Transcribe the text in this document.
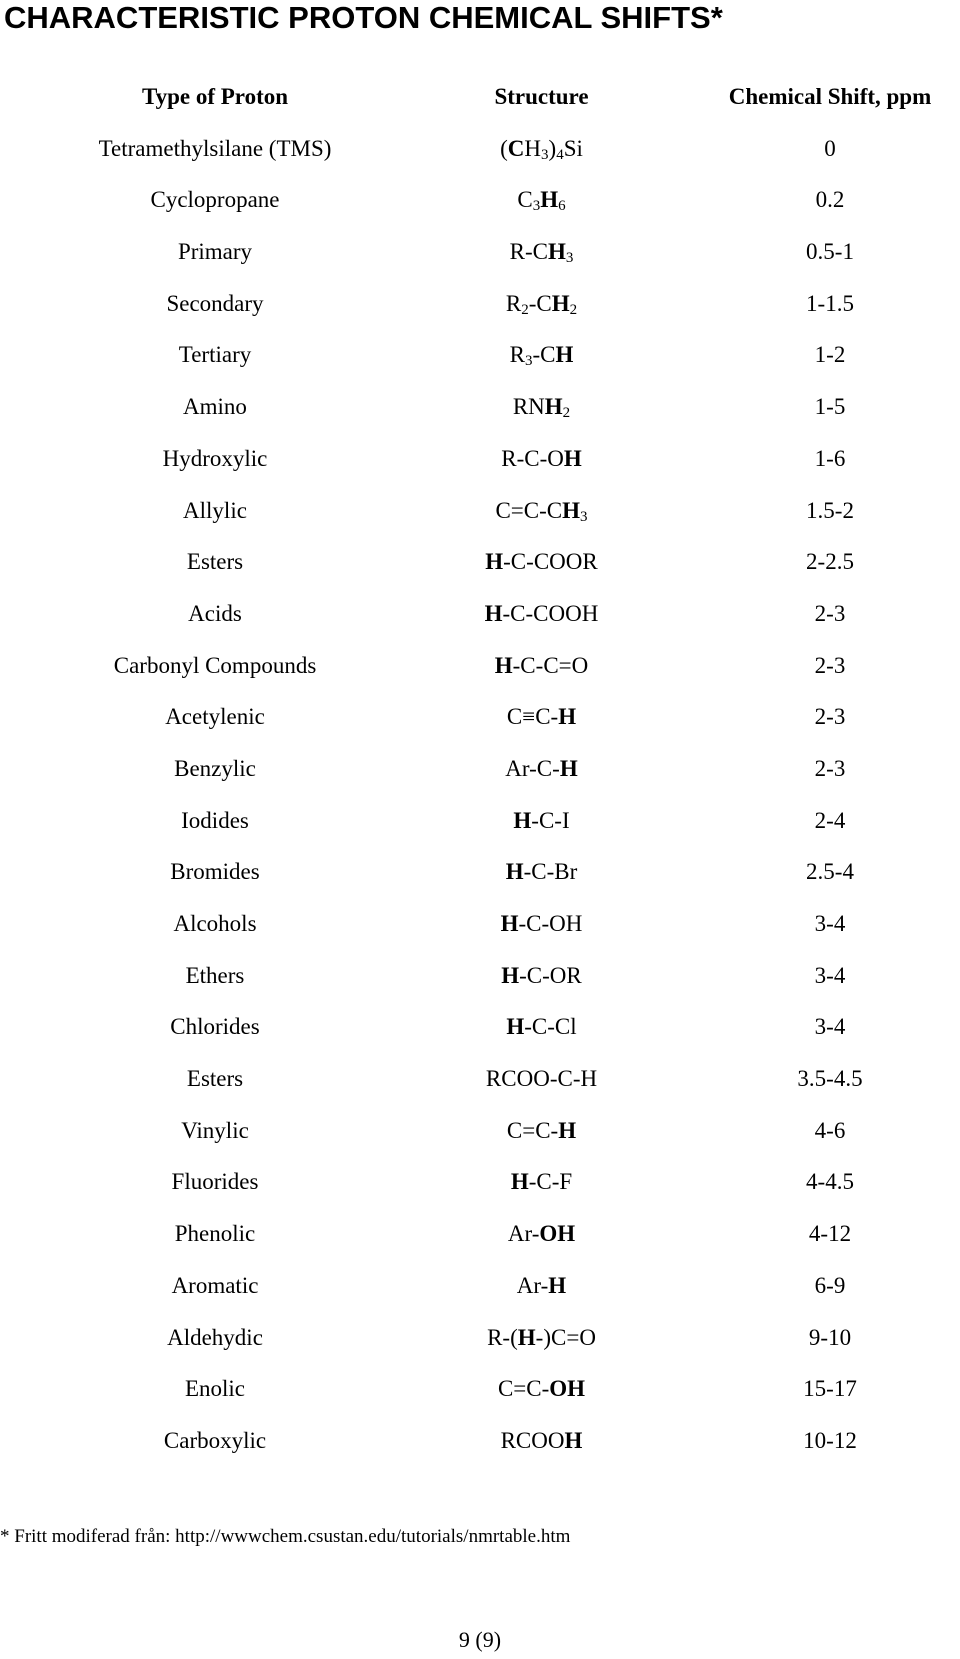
CHARACTERISTIC PROTON CHEMICAL SHIFTS*
Type of Proton	Structure	Chemical Shift, ppm
Tetramethylsilane (TMS)	$(CH_3)_4Si$	0
Cyclopropane	$C_3H_6$	0.2
Primary	$R-CH_3$	0.5-1
Secondary	$R_2-CH_2$	1-1.5
Tertiary	$R_3-CH$	1-2
Amino	$RNH_2$	1-5
Hydroxylic	R-C-OH	1-6
Allylic	$C=C-CH_3$	1.5-2
Esters	H-C-COOR	2-2.5
Acids	H-C-COOH	2-3
Carbonyl Compounds	H-C-C=O	2-3
Acetylenic	C≡C-H	2-3
Benzylic	Ar-C-H	2-3
Iodides	H-C-I	2-4
Bromides	H-C-Br	2.5-4
Alcohols	H-C-OH	3-4
Ethers	H-C-OR	3-4
Chlorides	H-C-Cl	3-4
Esters	RCOO-C-H	3.5-4.5
Vinylic	C=C-H	4-6
Fluorides	H-C-F	4-4.5
Phenolic	Ar-OH	4-12
Aromatic	Ar-H	6-9
Aldehydic	R-(H-)C=O	9-10
Enolic	C=C-OH	15-17
Carboxylic	RCOOH	10-12
* Fritt modiferad från: http://wwwchem.csustan.edu/tutorials/nmrtable.htm
9 (9)
